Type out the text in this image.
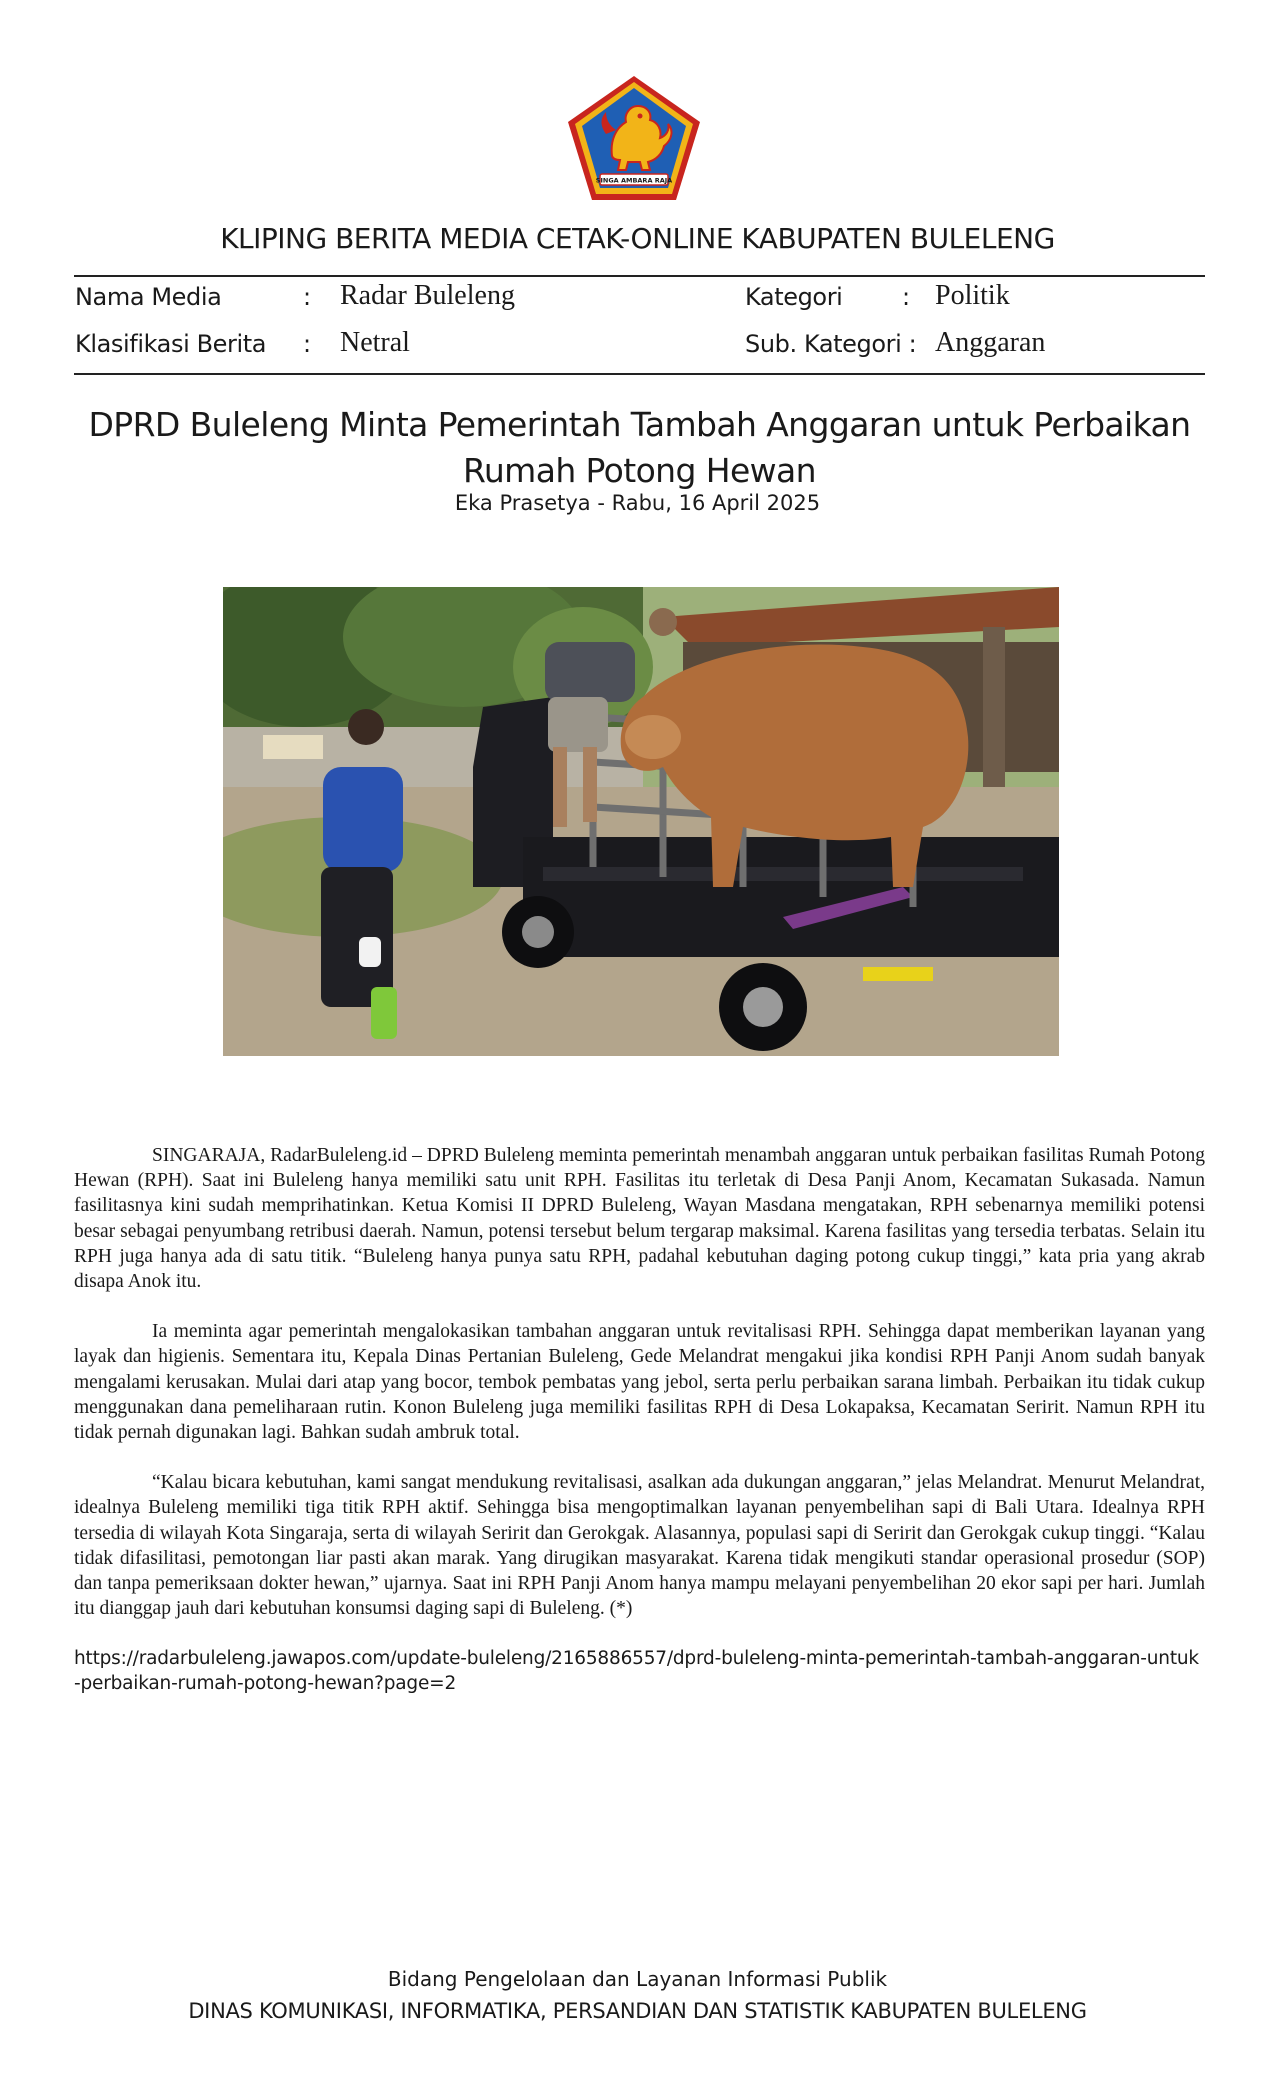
SINGA AMBARA RAJA
KLIPING BERITA MEDIA CETAK-ONLINE KABUPATEN BULELENG
Nama Media	: Radar Buleleng	Kategori : Politik
Klasifikasi Berita : Netral	Sub. Kategori : Anggaran
DPRD Buleleng Minta Pemerintah Tambah Anggaran untuk Perbaikan Rumah Potong Hewan
Eka Prasetya - Rabu, 16 April 2025

SINGARAJA, RadarBuleleng.id – DPRD Buleleng meminta pemerintah menambah anggaran untuk perbaikan fasilitas Rumah Potong Hewan (RPH). Saat ini Buleleng hanya memiliki satu unit RPH. Fasilitas itu terletak di Desa Panji Anom, Kecamatan Sukasada. Namun fasilitasnya kini sudah memprihatinkan. Ketua Komisi II DPRD Buleleng, Wayan Masdana mengatakan, RPH sebenarnya memiliki potensi besar sebagai penyumbang retribusi daerah. Namun, potensi tersebut belum tergarap maksimal. Karena fasilitas yang tersedia terbatas. Selain itu RPH juga hanya ada di satu titik. “Buleleng hanya punya satu RPH, padahal kebutuhan daging potong cukup tinggi,” kata pria yang akrab disapa Anok itu.

Ia meminta agar pemerintah mengalokasikan tambahan anggaran untuk revitalisasi RPH. Sehingga dapat memberikan layanan yang layak dan higienis. Sementara itu, Kepala Dinas Pertanian Buleleng, Gede Melandrat mengakui jika kondisi RPH Panji Anom sudah banyak mengalami kerusakan. Mulai dari atap yang bocor, tembok pembatas yang jebol, serta perlu perbaikan sarana limbah. Perbaikan itu tidak cukup menggunakan dana pemeliharaan rutin. Konon Buleleng juga memiliki fasilitas RPH di Desa Lokapaksa, Kecamatan Seririt. Namun RPH itu tidak pernah digunakan lagi. Bahkan sudah ambruk total.

“Kalau bicara kebutuhan, kami sangat mendukung revitalisasi, asalkan ada dukungan anggaran,” jelas Melandrat. Menurut Melandrat, idealnya Buleleng memiliki tiga titik RPH aktif. Sehingga bisa mengoptimalkan layanan penyembelihan sapi di Bali Utara. Idealnya RPH tersedia di wilayah Kota Singaraja, serta di wilayah Seririt dan Gerokgak. Alasannya, populasi sapi di Seririt dan Gerokgak cukup tinggi. “Kalau tidak difasilitasi, pemotongan liar pasti akan marak. Yang dirugikan masyarakat. Karena tidak mengikuti standar operasional prosedur (SOP) dan tanpa pemeriksaan dokter hewan,” ujarnya. Saat ini RPH Panji Anom hanya mampu melayani penyembelihan 20 ekor sapi per hari. Jumlah itu dianggap jauh dari kebutuhan konsumsi daging sapi di Buleleng. (*)

https://radarbuleleng.jawapos.com/update-buleleng/2165886557/dprd-buleleng-minta-pemerintah-tambah-anggaran-untuk-perbaikan-rumah-potong-hewan?page=2
Bidang Pengelolaan dan Layanan Informasi Publik
DINAS KOMUNIKASI, INFORMATIKA, PERSANDIAN DAN STATISTIK KABUPATEN BULELENG
